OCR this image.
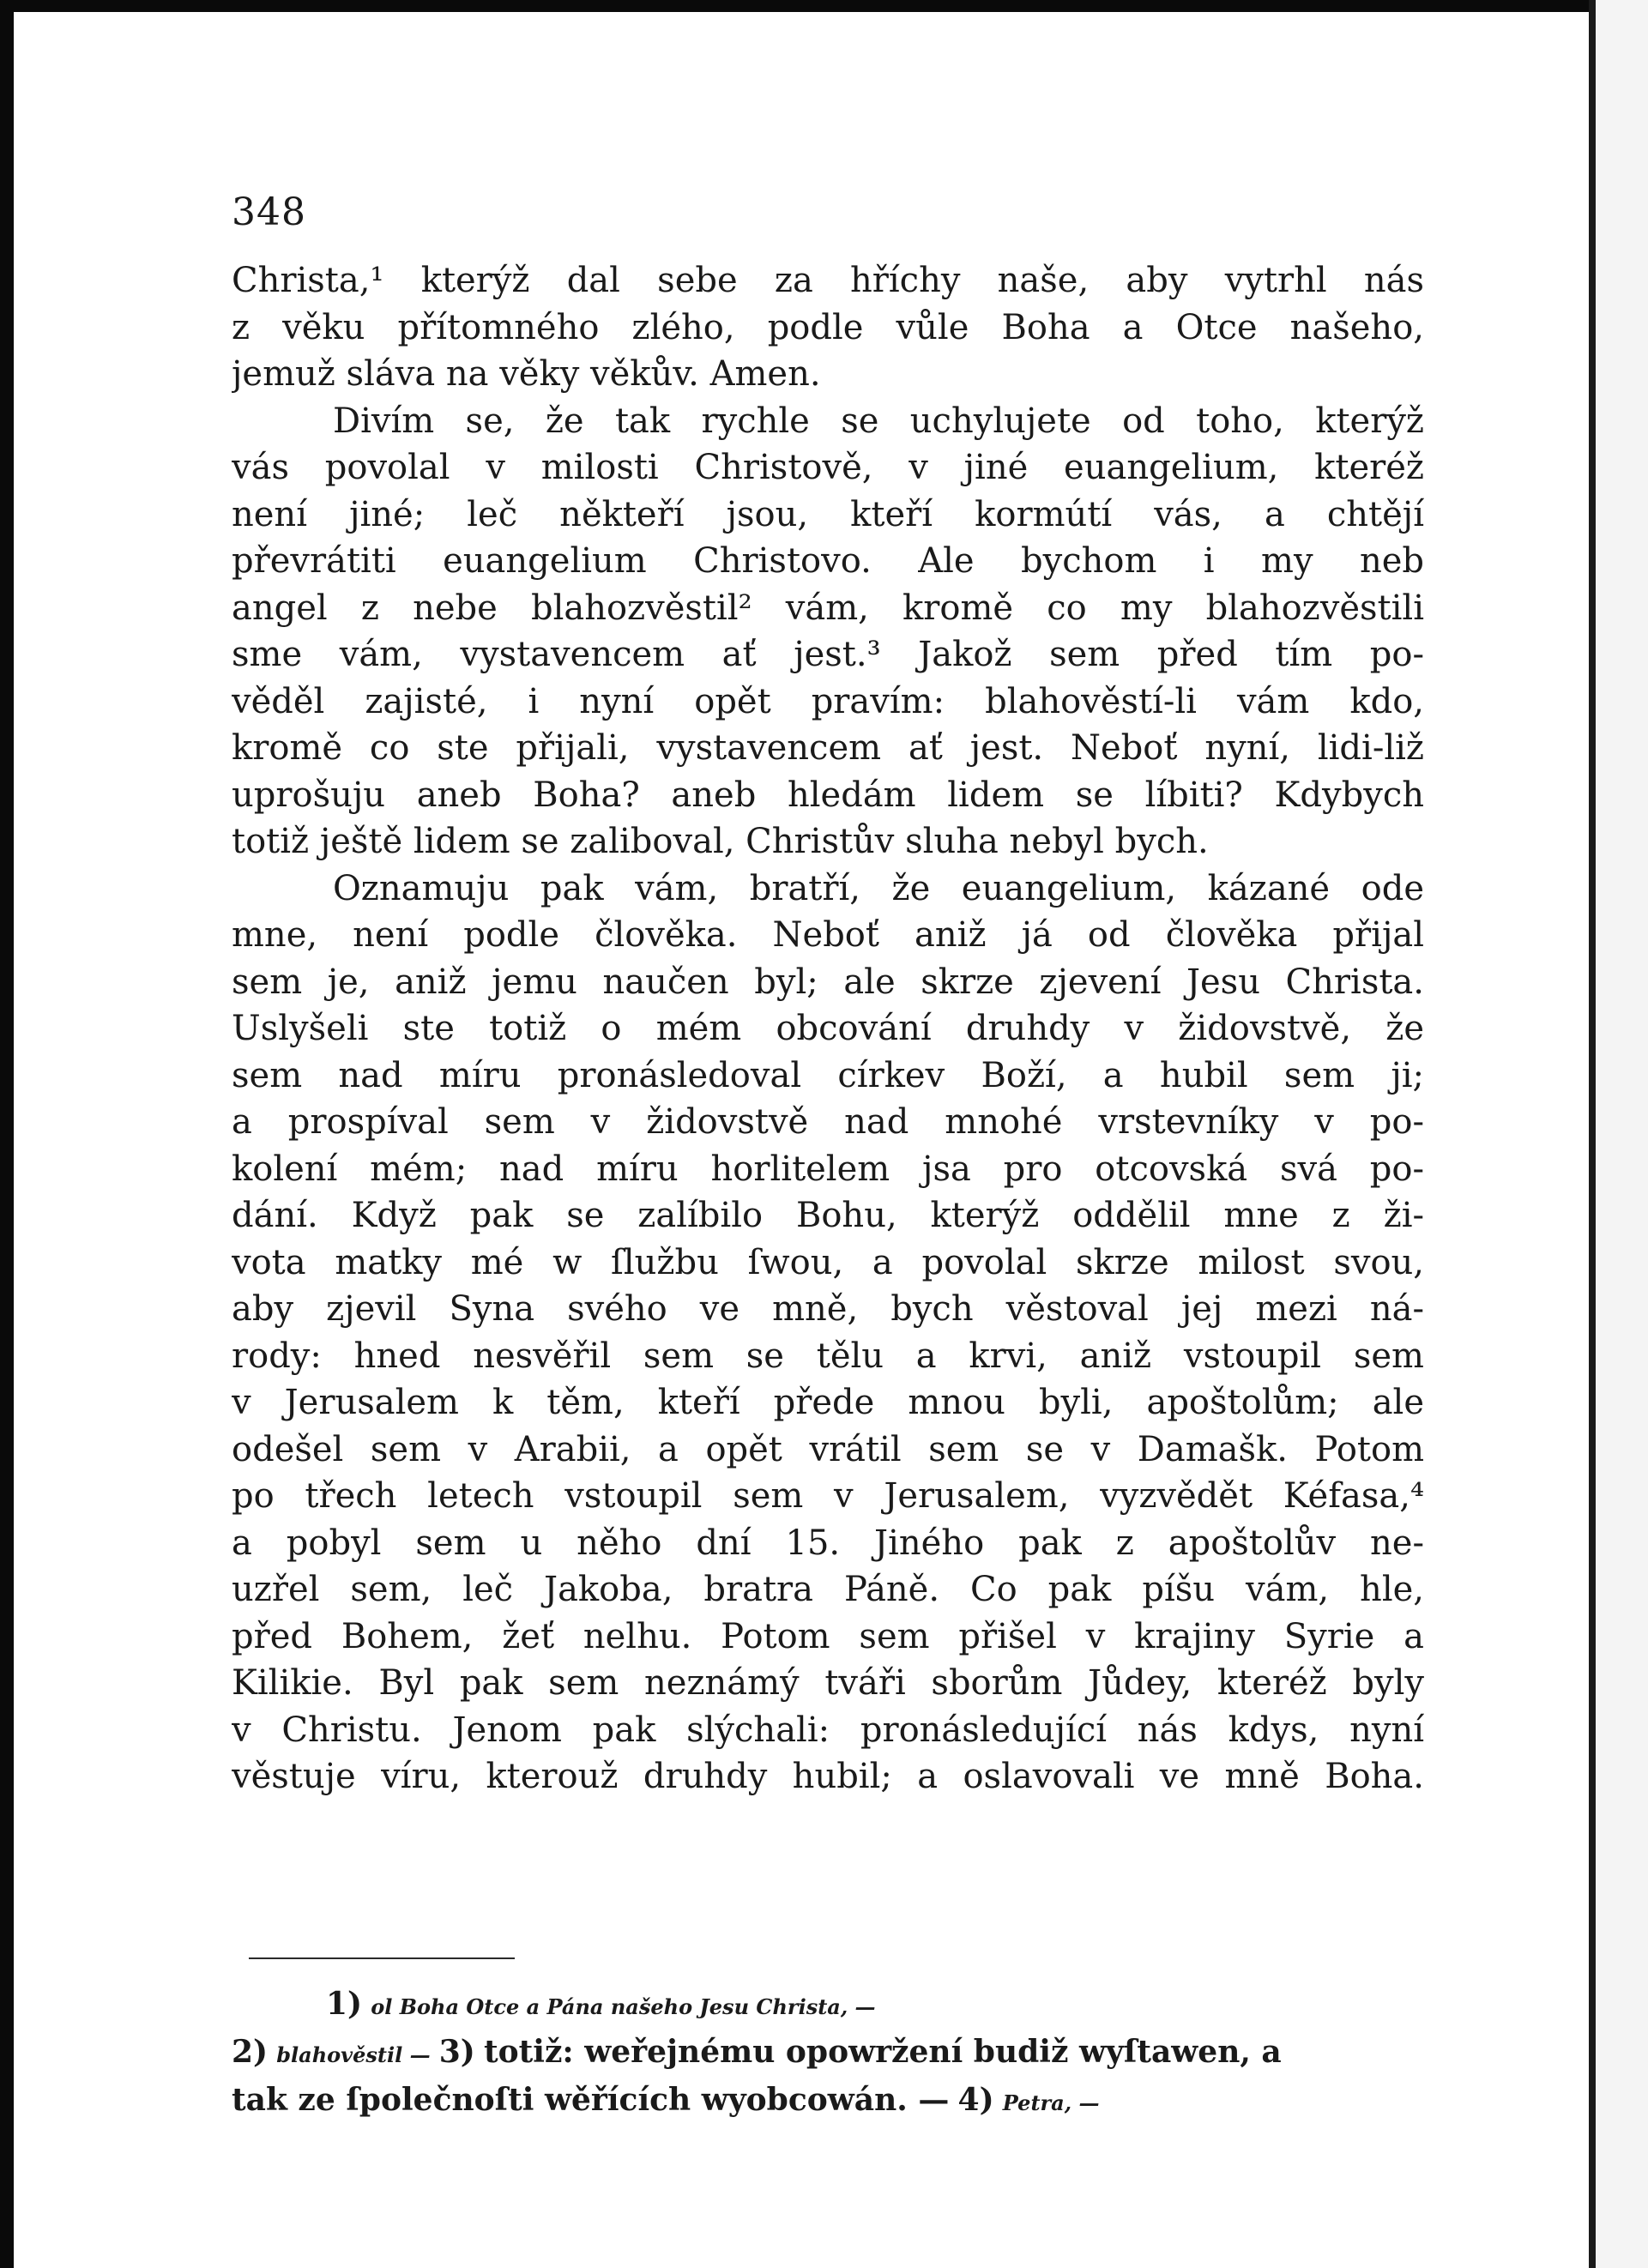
348
Christa,¹ kterýž dal sebe za hříchy naše, aby vytrhl nás
z věku přítomného zlého, podle vůle Boha a Otce našeho,
jemuž sláva na věky věkův. Amen.
Divím se, že tak rychle se uchylujete od toho, kterýž
vás povolal v milosti Christově, v jiné euangelium, kteréž
není jiné; leč někteří jsou, kteří kormútí vás, a chtějí
převrátiti euangelium Christovo. Ale bychom i my neb
angel z nebe blahozvěstil² vám, kromě co my blahozvěstili
sme vám, vystavencem ať jest.³ Jakož sem před tím po-
věděl zajisté, i nyní opět pravím: blahověstí-li vám kdo,
kromě co ste přijali, vystavencem ať jest. Neboť nyní, lidi-liž
uprošuju aneb Boha? aneb hledám lidem se líbiti? Kdybych
totiž ještě lidem se zaliboval, Christův sluha nebyl bych.
Oznamuju pak vám, bratří, že euangelium, kázané ode
mne, není podle člověka. Neboť aniž já od člověka přijal
sem je, aniž jemu naučen byl; ale skrze zjevení Jesu Christa.
Uslyšeli ste totiž o mém obcování druhdy v židovstvě, že
sem nad míru pronásledoval církev Boží, a hubil sem ji;
a prospíval sem v židovstvě nad mnohé vrstevníky v po-
kolení mém; nad míru horlitelem jsa pro otcovská svá po-
dání. Když pak se zalíbilo Bohu, kterýž oddělil mne z ži-
vota matky mé w ſlužbu ſwou, a povolal skrze milost svou,
aby zjevil Syna svého ve mně, bych věstoval jej mezi ná-
rody: hned nesvěřil sem se tělu a krvi, aniž vstoupil sem
v Jerusalem k těm, kteří přede mnou byli, apoštolům; ale
odešel sem v Arabii, a opět vrátil sem se v Damašk. Potom
po třech letech vstoupil sem v Jerusalem, vyzvědět Kéfasa,⁴
a pobyl sem u něho dní 15. Jiného pak z apoštolův ne-
uzřel sem, leč Jakoba, bratra Páně. Co pak píšu vám, hle,
před Bohem, žeť nelhu. Potom sem přišel v krajiny Syrie a
Kilikie. Byl pak sem neznámý tváři sborům Jůdey, kteréž byly
v Christu. Jenom pak slýchali: pronásledující nás kdys, nyní
věstuje víru, kterouž druhdy hubil; a oslavovali ve mně Boha.
1) ol Boha Otce a Pána našeho Jesu Christa, —
2) blahověstil — 3) totiž: weřejnému opowržení budiž wyſtawen, a
tak ze ſpolečnoſti wěřících wyobcowán. — 4) Petra, —
